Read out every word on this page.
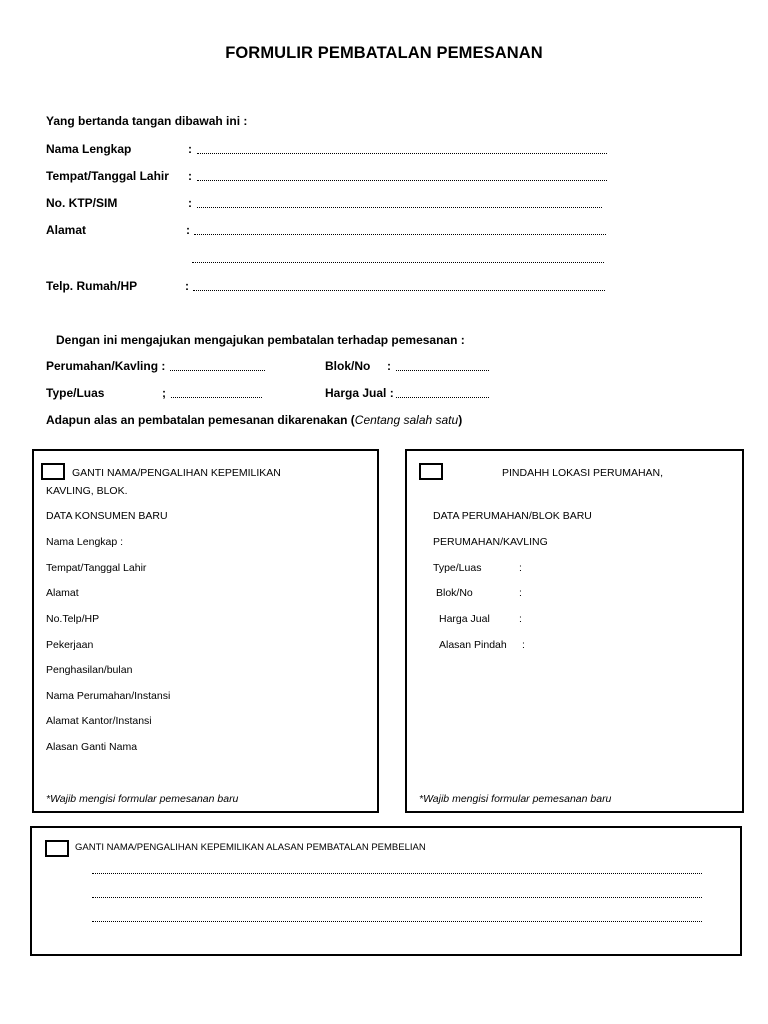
FORMULIR PEMBATALAN PEMESANAN
Yang bertanda tangan dibawah ini :
Nama Lengkap	:
Tempat/Tanggal Lahir :
No. KTP/SIM	:
Alamat	:
Telp. Rumah/HP	:
Dengan ini mengajukan mengajukan pembatalan terhadap pemesanan :
Perumahan/Kavling :	Blok/No :
Type/Luas	;	Harga Jual :
Adapun alas an pembatalan pemesanan dikarenakan (Centang salah satu)
GANTI NAMA/PENGALIHAN KEPEMILIKAN
KAVLING, BLOK.
DATA KONSUMEN BARU
Nama Lengkap :
Tempat/Tanggal Lahir
Alamat
No.Telp/HP
Pekerjaan
Penghasilan/bulan
Nama Perumahan/Instansi
Alamat Kantor/Instansi
Alasan Ganti Nama
*Wajib mengisi formular pemesanan baru
PINDAHH LOKASI PERUMAHAN,
DATA PERUMAHAN/BLOK BARU
PERUMAHAN/KAVLING
Type/Luas	:
Blok/No	:
Harga Jual	:
Alasan Pindah :
*Wajib mengisi formular pemesanan baru
GANTI NAMA/PENGALIHAN KEPEMILIKAN ALASAN PEMBATALAN PEMBELIAN
